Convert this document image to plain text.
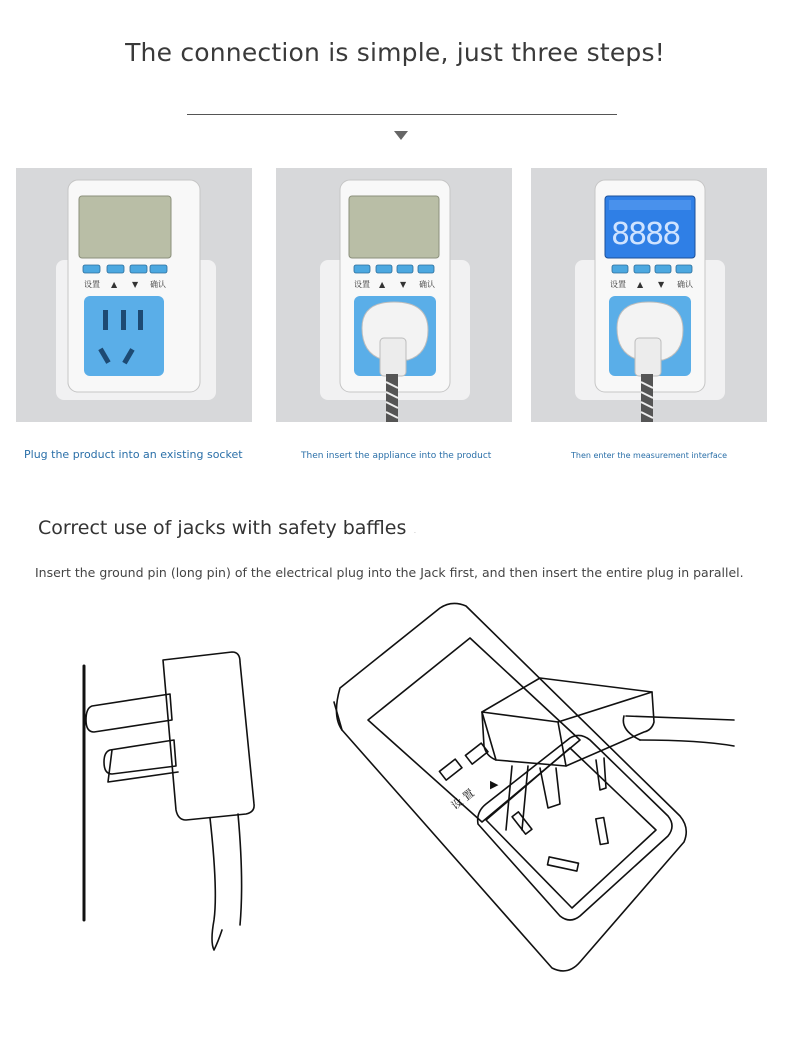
The connection is simple, just three steps!
设置 ▲ ▼ 确认	设置 ▲ ▼ 确认
8888
设置 ▲ ▼ 确认
Plug the product into an existing socket	Then insert the appliance into the product	Then enter the measurement interface
Correct use of jacks with safety baffles .
Insert the ground pin (long pin) of the electrical plug into the Jack first, and then insert the entire plug in parallel.
设 置
▶
